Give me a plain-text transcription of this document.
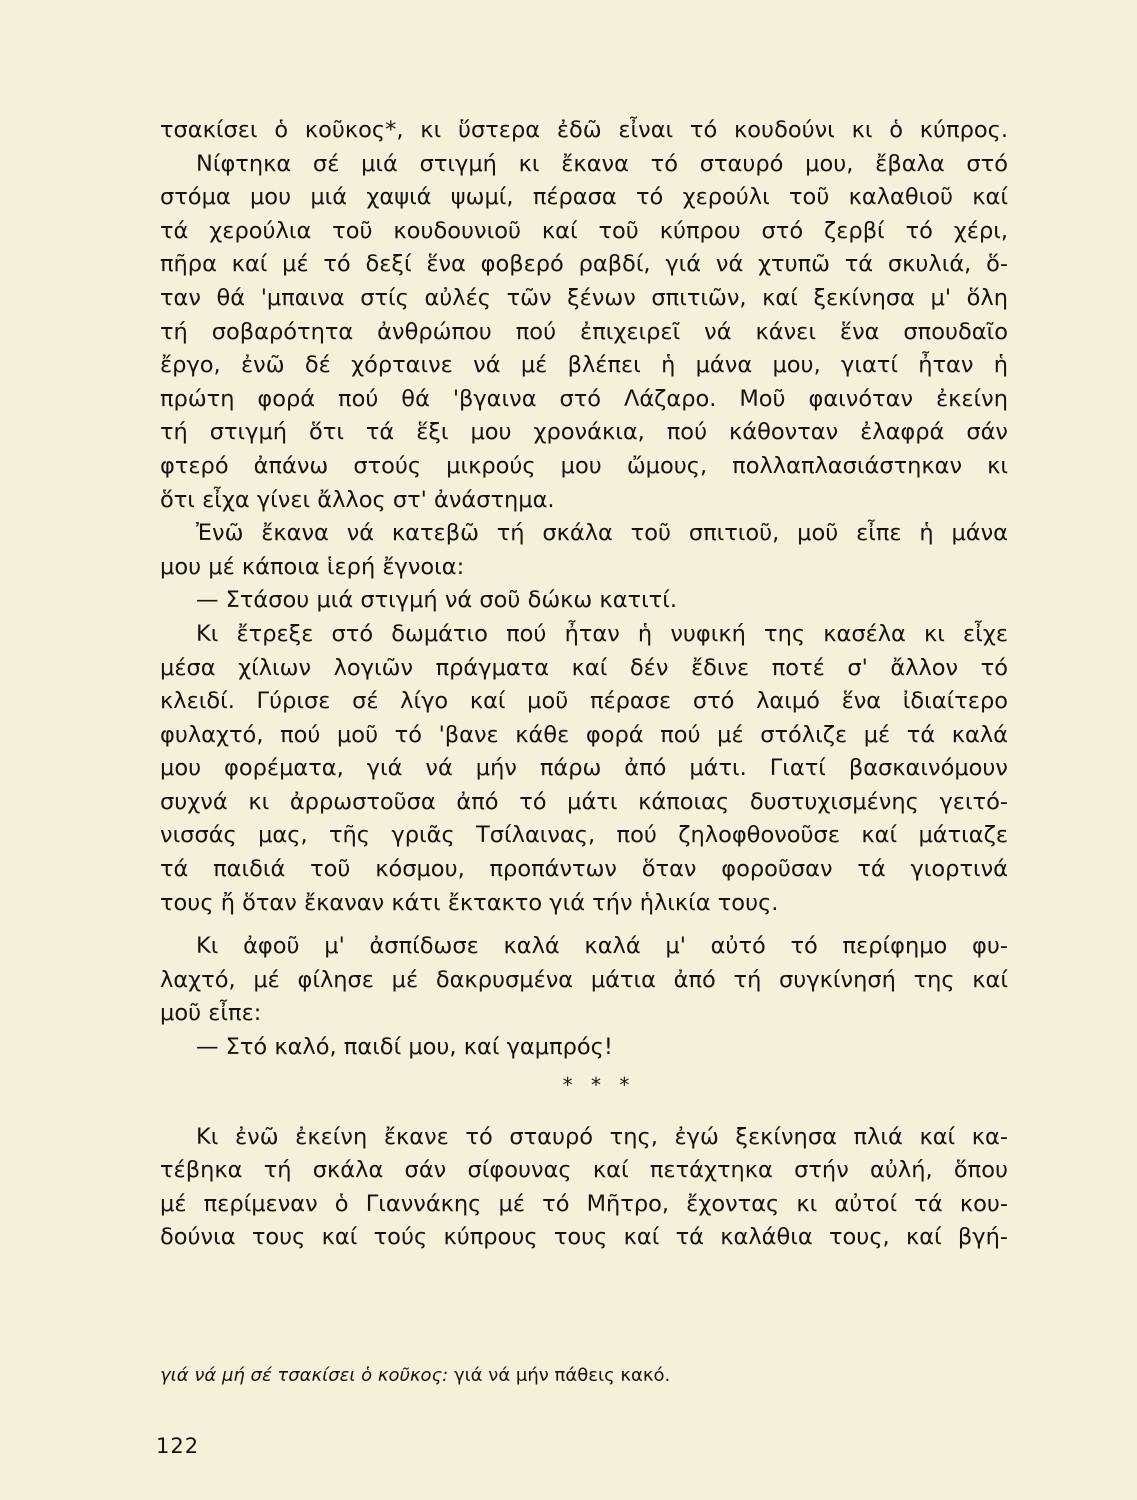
τσακίσει ὁ κοῦκος*, κι ὕστερα ἐδῶ εἶναι τό κουδούνι κι ὁ κύπρος.
Νίφτηκα σέ μιά στιγμή κι ἔκανα τό σταυρό μου, ἔβαλα στό
στόμα μου μιά χαψιά ψωμί, πέρασα τό χερούλι τοῦ καλαθιοῦ καί
τά χερούλια τοῦ κουδουνιοῦ καί τοῦ κύπρου στό ζερβί τό χέρι,
πῆρα καί μέ τό δεξί ἕνα φοβερό ραβδί, γιά νά χτυπῶ τά σκυλιά, ὅ-
ταν θά 'μπαινα στίς αὐλές τῶν ξένων σπιτιῶν, καί ξεκίνησα μ' ὅλη
τή σοβαρότητα ἀνθρώπου πού ἐπιχειρεῖ νά κάνει ἕνα σπουδαῖο
ἔργο, ἐνῶ δέ χόρταινε νά μέ βλέπει ἡ μάνα μου, γιατί ἦταν ἡ
πρώτη φορά πού θά 'βγαινα στό Λάζαρο. Μοῦ φαινόταν ἐκείνη
τή στιγμή ὅτι τά ἕξι μου χρονάκια, πού κάθονταν ἐλαφρά σάν
φτερό ἀπάνω στούς μικρούς μου ὤμους, πολλαπλασιάστηκαν κι
ὅτι εἶχα γίνει ἄλλος στ' ἀνάστημα.
Ἐνῶ ἔκανα νά κατεβῶ τή σκάλα τοῦ σπιτιοῦ, μοῦ εἶπε ἡ μάνα
μου μέ κάποια ἱερή ἔγνοια:
— Στάσου μιά στιγμή νά σοῦ δώκω κατιτί.
Κι ἔτρεξε στό δωμάτιο πού ἦταν ἡ νυφική της κασέλα κι εἶχε
μέσα χίλιων λογιῶν πράγματα καί δέν ἔδινε ποτέ σ' ἄλλον τό
κλειδί. Γύρισε σέ λίγο καί μοῦ πέρασε στό λαιμό ἕνα ἰδιαίτερο
φυλαχτό, πού μοῦ τό 'βανε κάθε φορά πού μέ στόλιζε μέ τά καλά
μου φορέματα, γιά νά μήν πάρω ἀπό μάτι. Γιατί βασκαινόμουν
συχνά κι ἀρρωστοῦσα ἀπό τό μάτι κάποιας δυστυχισμένης γειτό-
νισσάς μας, τῆς γριᾶς Τσίλαινας, πού ζηλοφθονοῦσε καί μάτιαζε
τά παιδιά τοῦ κόσμου, προπάντων ὅταν φοροῦσαν τά γιορτινά
τους ἤ ὅταν ἔκαναν κάτι ἔκτακτο γιά τήν ἡλικία τους.
Κι ἀφοῦ μ' ἀσπίδωσε καλά καλά μ' αὐτό τό περίφημο φυ-
λαχτό, μέ φίλησε μέ δακρυσμένα μάτια ἀπό τή συγκίνησή της καί
μοῦ εἶπε:
— Στό καλό, παιδί μου, καί γαμπρός!
* * *
Κι ἐνῶ ἐκείνη ἔκανε τό σταυρό της, ἐγώ ξεκίνησα πλιά καί κα-
τέβηκα τή σκάλα σάν σίφουνας καί πετάχτηκα στήν αὐλή, ὅπου
μέ περίμεναν ὁ Γιαννάκης μέ τό Μῆτρο, ἔχοντας κι αὐτοί τά κου-
δούνια τους καί τούς κύπρους τους καί τά καλάθια τους, καί βγή-
γιά νά μή σέ τσακίσει ὁ κοῦκος: γιά νά μήν πάθεις κακό.
122
